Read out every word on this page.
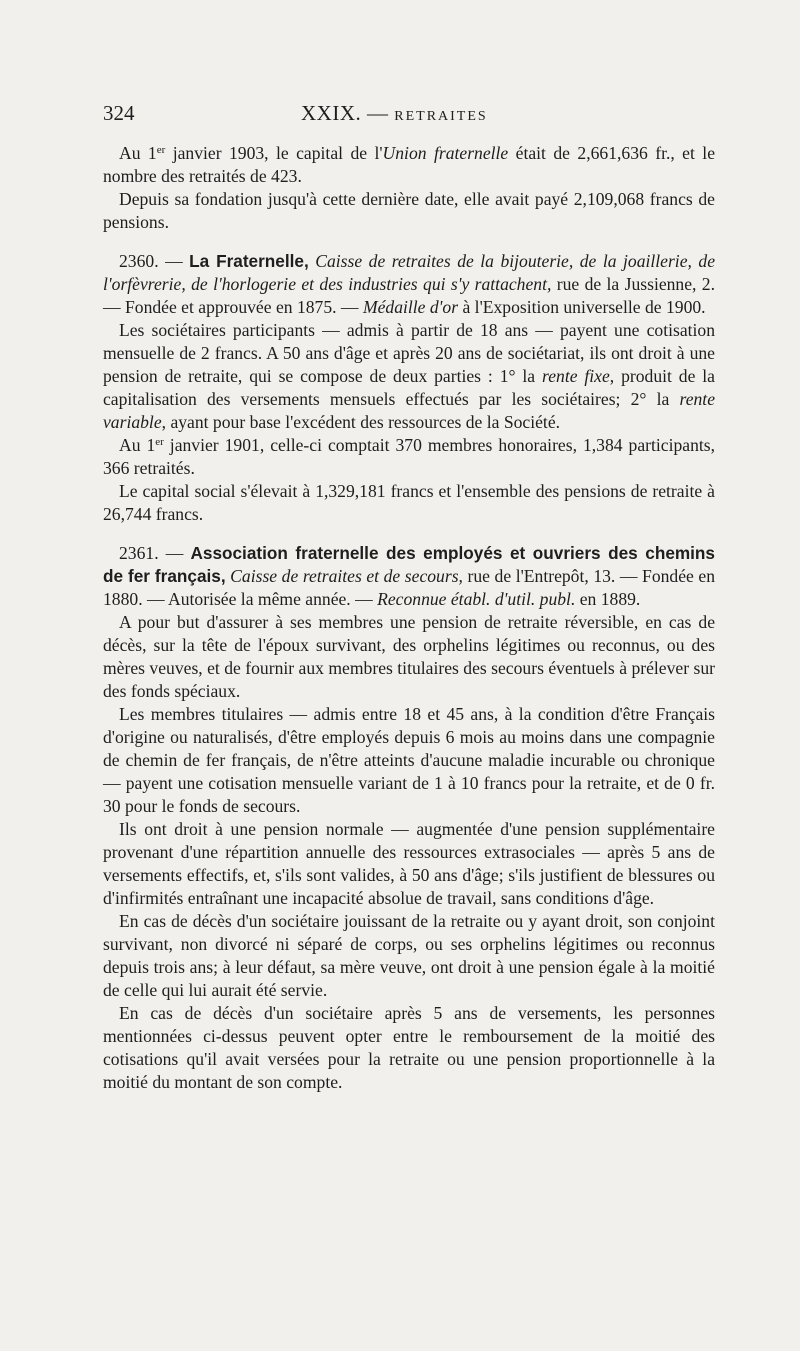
324	XXIX. — RETRAITES

Au 1er janvier 1903, le capital de l'Union fraternelle était de 2,661,636 fr., et le nombre des retraités de 423.

Depuis sa fondation jusqu'à cette dernière date, elle avait payé 2,109,068 francs de pensions.

2360. — La Fraternelle, Caisse de retraites de la bijouterie, de la joaillerie, de l'orfèvrerie, de l'horlogerie et des industries qui s'y rattachent, rue de la Jussienne, 2. — Fondée et approuvée en 1875. — Médaille d'or à l'Exposition universelle de 1900.

Les sociétaires participants — admis à partir de 18 ans — payent une cotisation mensuelle de 2 francs. A 50 ans d'âge et après 20 ans de sociétariat, ils ont droit à une pension de retraite, qui se compose de deux parties : 1° la rente fixe, produit de la capitalisation des versements mensuels effectués par les sociétaires; 2° la rente variable, ayant pour base l'excédent des ressources de la Société.

Au 1er janvier 1901, celle-ci comptait 370 membres honoraires, 1,384 participants, 366 retraités.

Le capital social s'élevait à 1,329,181 francs et l'ensemble des pensions de retraite à 26,744 francs.

2361. — Association fraternelle des employés et ouvriers des chemins de fer français, Caisse de retraites et de secours, rue de l'Entrepôt, 13. — Fondée en 1880. — Autorisée la même année. — Reconnue établ. d'util. publ. en 1889.

A pour but d'assurer à ses membres une pension de retraite réversible, en cas de décès, sur la tête de l'époux survivant, des orphelins légitimes ou reconnus, ou des mères veuves, et de fournir aux membres titulaires des secours éventuels à prélever sur des fonds spéciaux.

Les membres titulaires — admis entre 18 et 45 ans, à la condition d'être Français d'origine ou naturalisés, d'être employés depuis 6 mois au moins dans une compagnie de chemin de fer français, de n'être atteints d'aucune maladie incurable ou chronique — payent une cotisation mensuelle variant de 1 à 10 francs pour la retraite, et de 0 fr. 30 pour le fonds de secours.

Ils ont droit à une pension normale — augmentée d'une pension supplémentaire provenant d'une répartition annuelle des ressources extrasociales — après 5 ans de versements effectifs, et, s'ils sont valides, à 50 ans d'âge; s'ils justifient de blessures ou d'infirmités entraînant une incapacité absolue de travail, sans conditions d'âge.

En cas de décès d'un sociétaire jouissant de la retraite ou y ayant droit, son conjoint survivant, non divorcé ni séparé de corps, ou ses orphelins légitimes ou reconnus depuis trois ans; à leur défaut, sa mère veuve, ont droit à une pension égale à la moitié de celle qui lui aurait été servie.

En cas de décès d'un sociétaire après 5 ans de versements, les personnes mentionnées ci-dessus peuvent opter entre le remboursement de la moitié des cotisations qu'il avait versées pour la retraite ou une pension proportionnelle à la moitié du montant de son compte.
